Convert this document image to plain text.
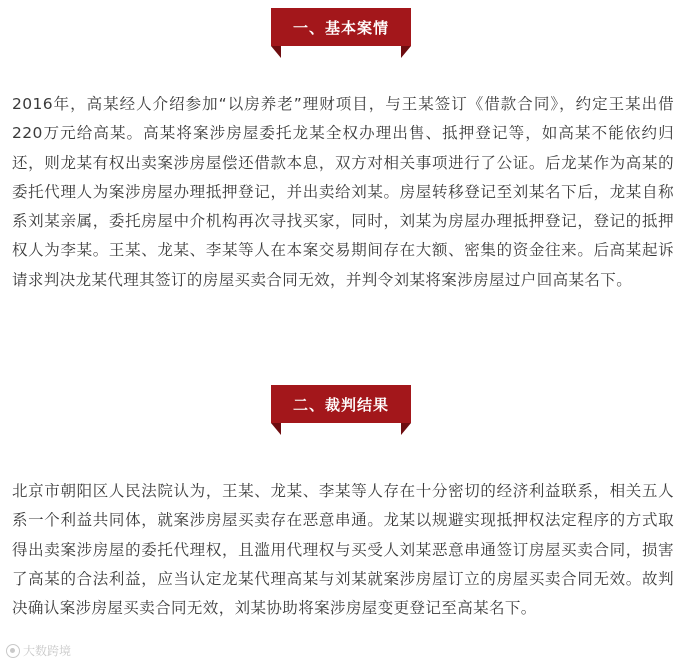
一、基本案情

2016年，高某经人介绍参加“以房养老”理财项目，与王某签订《借款合同》，约定王某出借220万元给高某。高某将案涉房屋委托龙某全权办理出售、抵押登记等，如高某不能依约归还，则龙某有权出卖案涉房屋偿还借款本息，双方对相关事项进行了公证。后龙某作为高某的委托代理人为案涉房屋办理抵押登记，并出卖给刘某。房屋转移登记至刘某名下后，龙某自称系刘某亲属，委托房屋中介机构再次寻找买家，同时，刘某为房屋办理抵押登记，登记的抵押权人为李某。王某、龙某、李某等人在本案交易期间存在大额、密集的资金往来。后高某起诉请求判决龙某代理其签订的房屋买卖合同无效，并判令刘某将案涉房屋过户回高某名下。

二、裁判结果

北京市朝阳区人民法院认为，王某、龙某、李某等人存在十分密切的经济利益联系，相关五人系一个利益共同体，就案涉房屋买卖存在恶意串通。龙某以规避实现抵押权法定程序的方式取得出卖案涉房屋的委托代理权，且滥用代理权与买受人刘某恶意串通签订房屋买卖合同，损害了高某的合法利益，应当认定龙某代理高某与刘某就案涉房屋订立的房屋买卖合同无效。故判决确认案涉房屋买卖合同无效，刘某协助将案涉房屋变更登记至高某名下。

大数跨境
